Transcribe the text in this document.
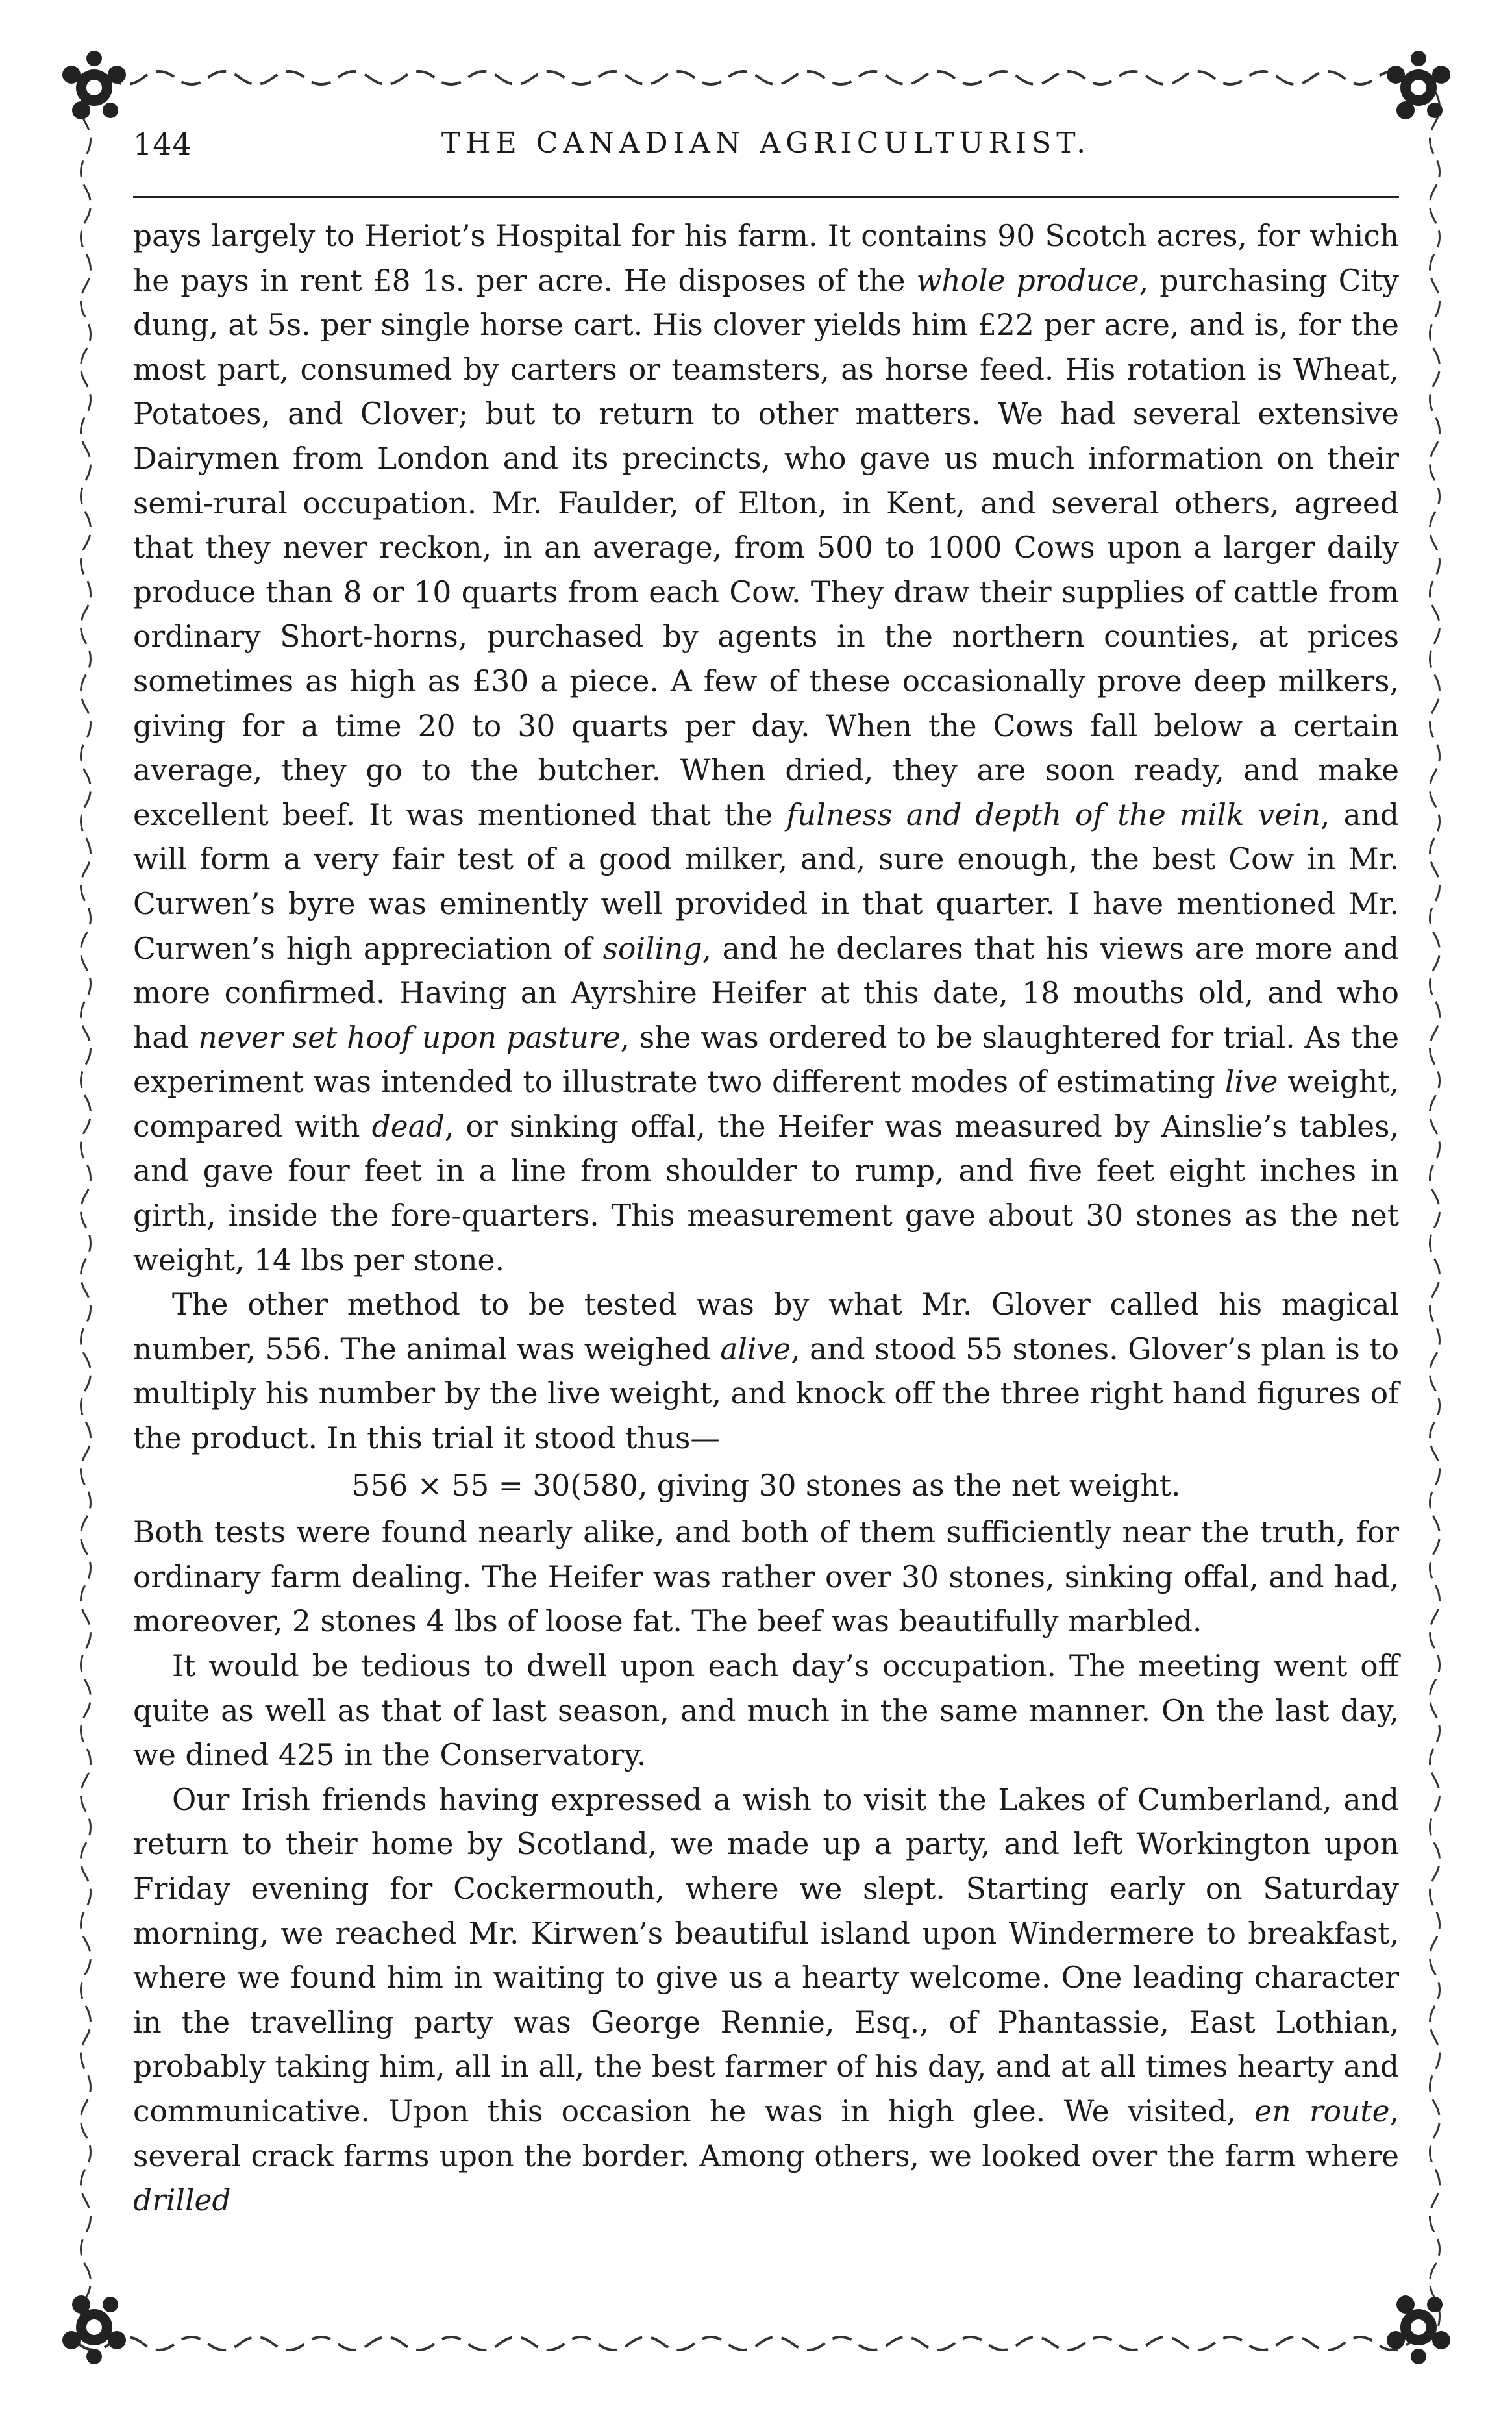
THE CANADIAN AGRICULTURIST.
144

pays largely to Heriot’s Hospital for his farm. It contains 90 Scotch acres, for which he pays in rent £8 1s. per acre. He disposes of the whole produce, purchasing City dung, at 5s. per single horse cart. His clover yields him £22 per acre, and is, for the most part, consumed by carters or teamsters, as horse feed. His rotation is Wheat, Potatoes, and Clover; but to return to other matters. We had several extensive Dairymen from London and its precincts, who gave us much information on their semi-rural occupation. Mr. Faulder, of Elton, in Kent, and several others, agreed that they never reckon, in an average, from 500 to 1000 Cows upon a larger daily produce than 8 or 10 quarts from each Cow. They draw their supplies of cattle from ordinary Short-horns, purchased by agents in the northern counties, at prices sometimes as high as £30 a piece. A few of these occasionally prove deep milkers, giving for a time 20 to 30 quarts per day. When the Cows fall below a certain average, they go to the butcher. When dried, they are soon ready, and make excellent beef. It was mentioned that the fulness and depth of the milk vein, and will form a very fair test of a good milker, and, sure enough, the best Cow in Mr. Curwen’s byre was eminently well provided in that quarter. I have mentioned Mr. Curwen’s high appreciation of soiling, and he declares that his views are more and more confirmed. Having an Ayrshire Heifer at this date, 18 mouths old, and who had never set hoof upon pasture, she was ordered to be slaughtered for trial. As the experiment was intended to illustrate two different modes of estimating live weight, compared with dead, or sinking offal, the Heifer was measured by Ainslie’s tables, and gave four feet in a line from shoulder to rump, and five feet eight inches in girth, inside the fore-quarters. This measurement gave about 30 stones as the net weight, 14 lbs per stone.

The other method to be tested was by what Mr. Glover called his magical number, 556. The animal was weighed alive, and stood 55 stones. Glover’s plan is to multiply his number by the live weight, and knock off the three right hand figures of the product. In this trial it stood thus—

556 × 55 = 30(580, giving 30 stones as the net weight.

Both tests were found nearly alike, and both of them sufficiently near the truth, for ordinary farm dealing. The Heifer was rather over 30 stones, sinking offal, and had, moreover, 2 stones 4 lbs of loose fat. The beef was beautifully marbled.

It would be tedious to dwell upon each day’s occupation. The meeting went off quite as well as that of last season, and much in the same manner. On the last day, we dined 425 in the Conservatory.

Our Irish friends having expressed a wish to visit the Lakes of Cumberland, and return to their home by Scotland, we made up a party, and left Workington upon Friday evening for Cockermouth, where we slept. Starting early on Saturday morning, we reached Mr. Kirwen’s beautiful island upon Windermere to breakfast, where we found him in waiting to give us a hearty welcome. One leading character in the travelling party was George Rennie, Esq., of Phantassie, East Lothian, probably taking him, all in all, the best farmer of his day, and at all times hearty and communicative. Upon this occasion he was in high glee. We visited, en route, several crack farms upon the border. Among others, we looked over the farm where drilled
